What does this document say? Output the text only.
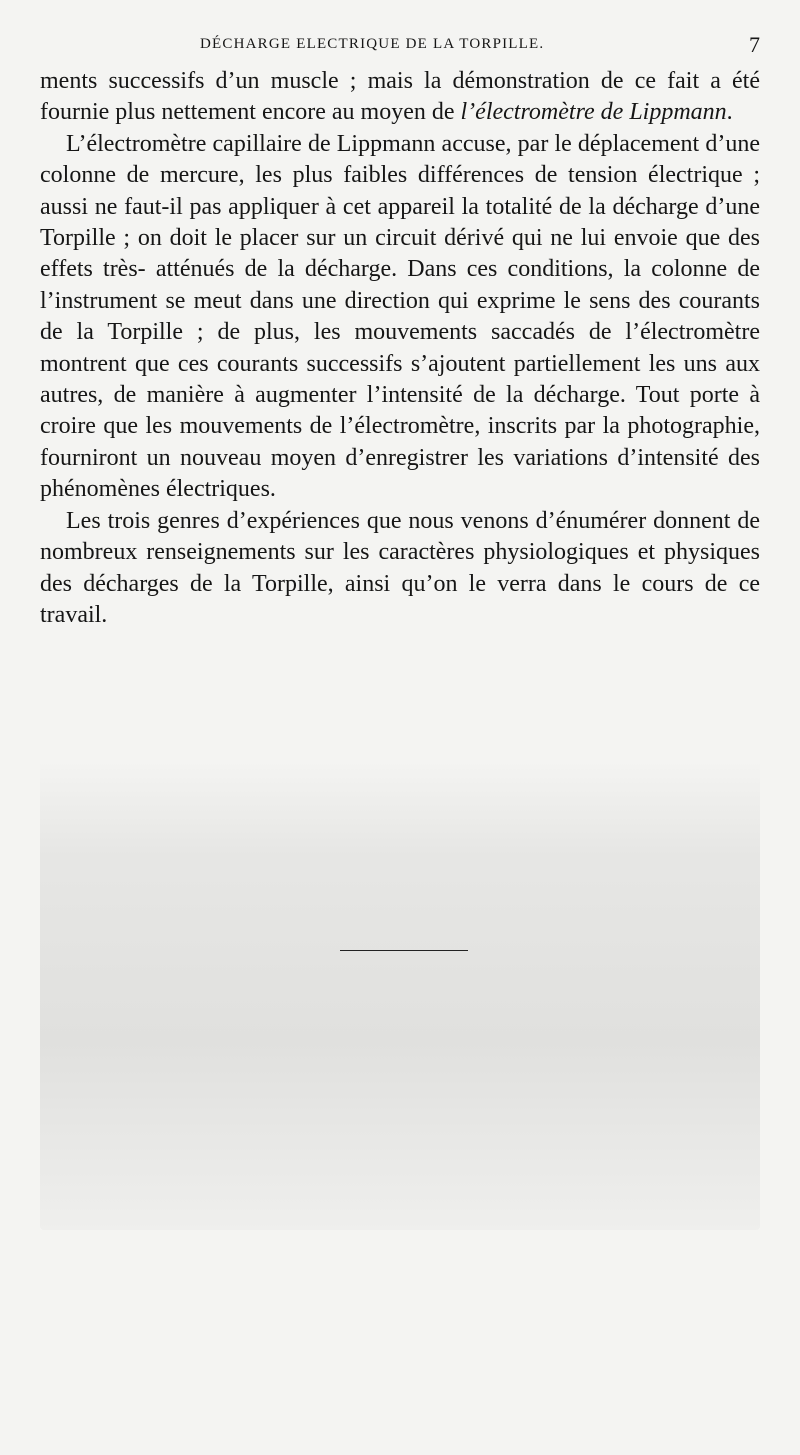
DÉCHARGE ELECTRIQUE DE LA TORPILLE.	7

ments successifs d’un muscle ; mais la démonstration de ce fait a été fournie plus nettement encore au moyen de l’électromètre de Lippmann.

L’électromètre capillaire de Lippmann accuse, par le déplacement d’une colonne de mercure, les plus faibles différences de tension électrique ; aussi ne faut-il pas appliquer à cet appareil la totalité de la décharge d’une Torpille ; on doit le placer sur un circuit dérivé qui ne lui envoie que des effets très- atténués de la décharge. Dans ces conditions, la colonne de l’instrument se meut dans une direction qui exprime le sens des courants de la Torpille ; de plus, les mouvements saccadés de l’électromètre montrent que ces courants successifs s’ajoutent partiellement les uns aux autres, de manière à augmenter l’intensité de la décharge. Tout porte à croire que les mouvements de l’électromètre, inscrits par la photographie, fourniront un nouveau moyen d’enregistrer les variations d’intensité des phénomènes électriques.

Les trois genres d’expériences que nous venons d’énumérer donnent de nombreux renseignements sur les caractères physiologiques et physiques des décharges de la Torpille, ainsi qu’on le verra dans le cours de ce travail.
